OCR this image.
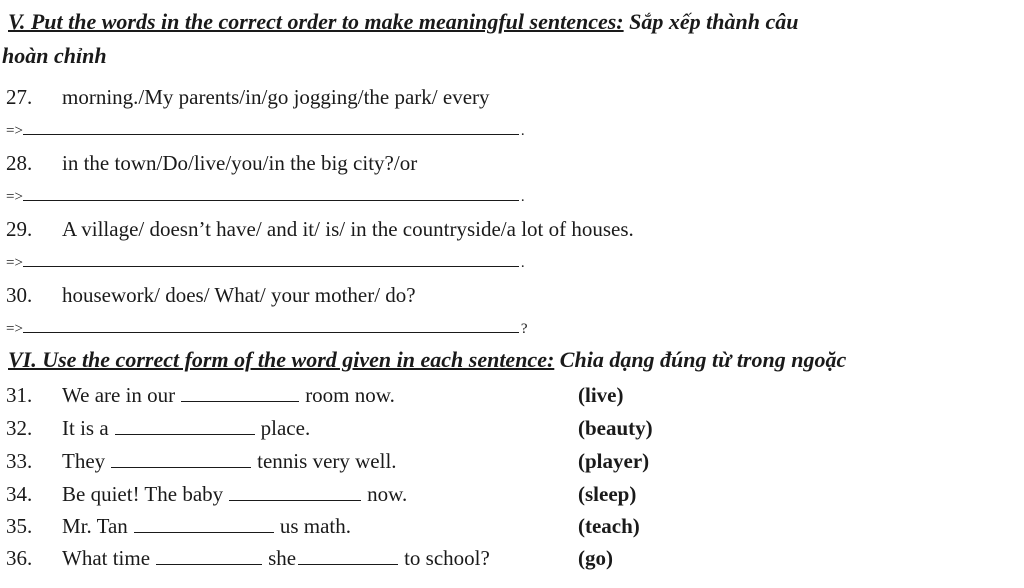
V. Put the words in the correct order to make meaningful sentences: Sắp xếp thành câu
hoàn chỉnh
27. morning./My parents/in/go jogging/the park/ every
=>	.
28. in the town/Do/live/you/in the big city?/or
=>	.
29. A village/ doesn’t have/ and it/ is/ in the countryside/a lot of houses.
=>	.
30. housework/ does/ What/ your mother/ do?
=>	?
VI. Use the correct form of the word given in each sentence: Chia dạng đúng từ trong ngoặc
31. We are in our	room now.	(live)
32. It is a	place.	(beauty)
33. They	tennis very well.	(player)
34. Be quiet! The baby	now.	(sleep)
35. Mr. Tan	us math.	(teach)
36. What time	she	to school?	(go)
